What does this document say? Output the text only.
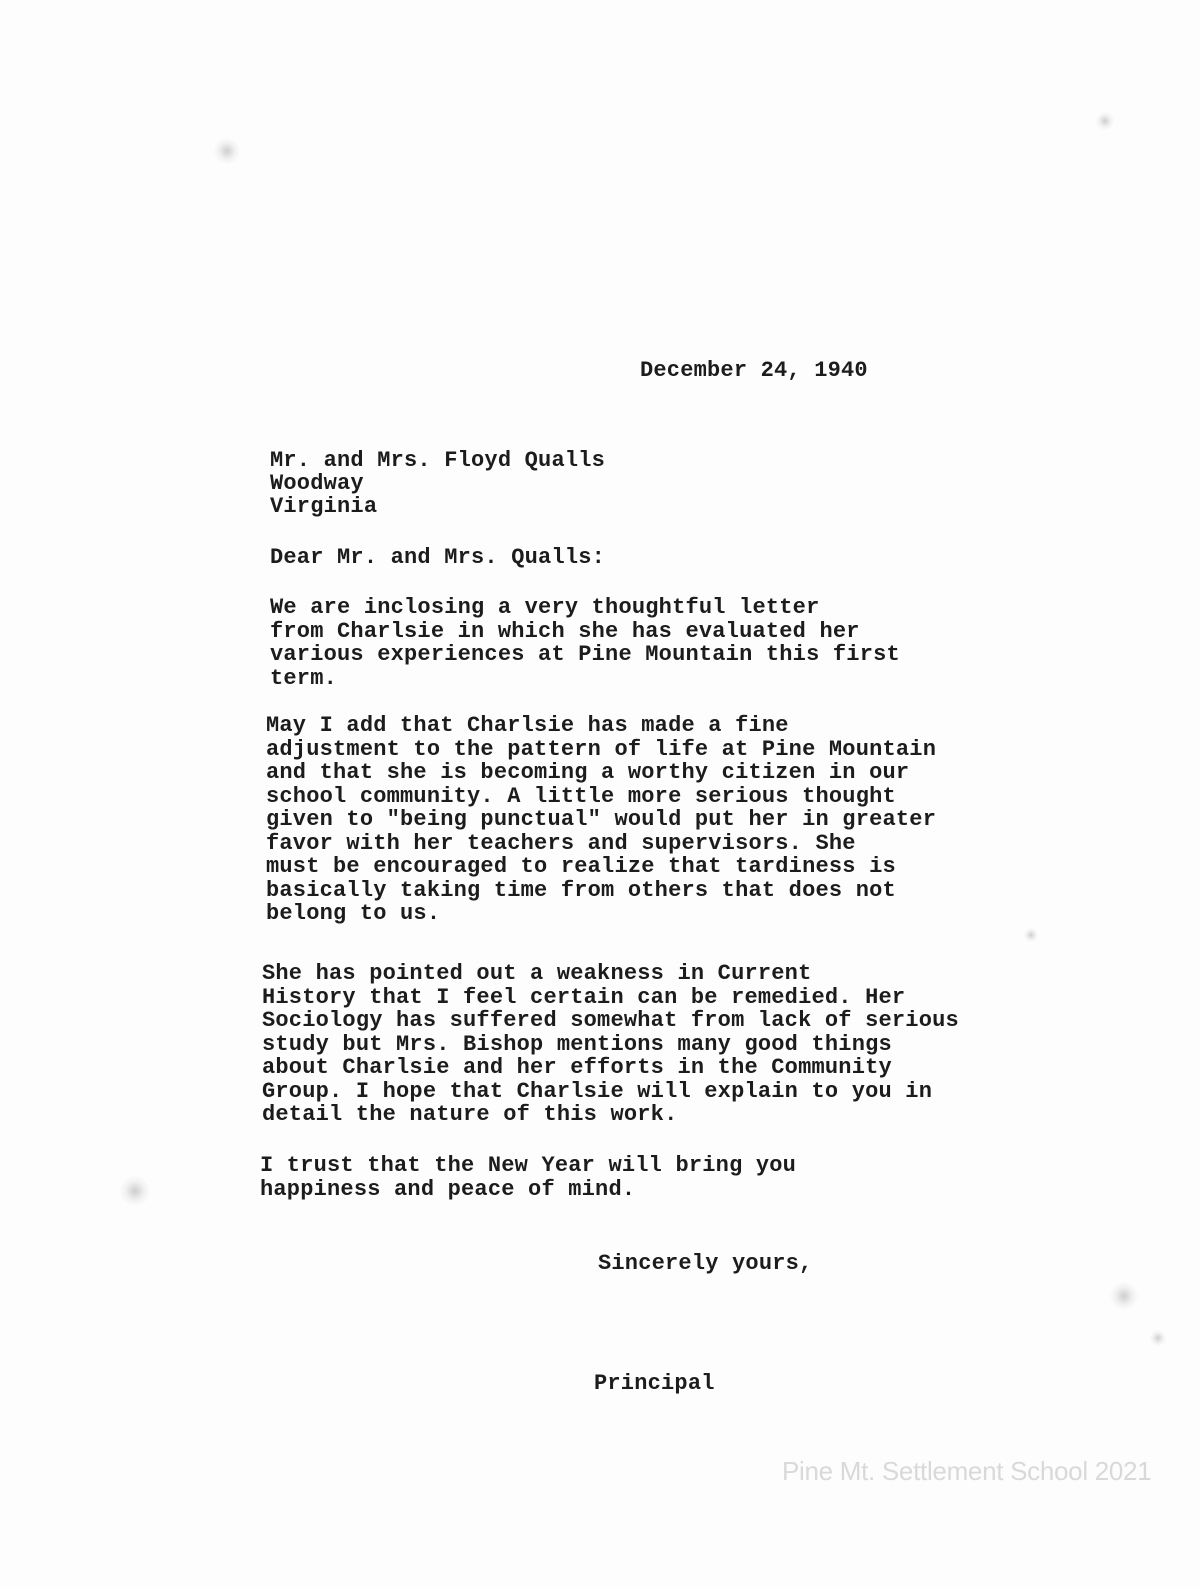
December 24, 1940
Mr. and Mrs. Floyd Qualls
Woodway
Virginia
Dear Mr. and Mrs. Qualls:
We are inclosing a very thoughtful letter
from Charlsie in which she has evaluated her
various experiences at Pine Mountain this first
term.
May I add that Charlsie has made a fine
adjustment to the pattern of life at Pine Mountain
and that she is becoming a worthy citizen in our
school community. A little more serious thought
given to "being punctual" would put her in greater
favor with her teachers and supervisors. She
must be encouraged to realize that tardiness is
basically taking time from others that does not
belong to us.
She has pointed out a weakness in Current
History that I feel certain can be remedied. Her
Sociology has suffered somewhat from lack of serious
study but Mrs. Bishop mentions many good things
about Charlsie and her efforts in the Community
Group. I hope that Charlsie will explain to you in
detail the nature of this work.
I trust that the New Year will bring you
happiness and peace of mind.
Sincerely yours,
Principal
Pine Mt. Settlement School 2021
